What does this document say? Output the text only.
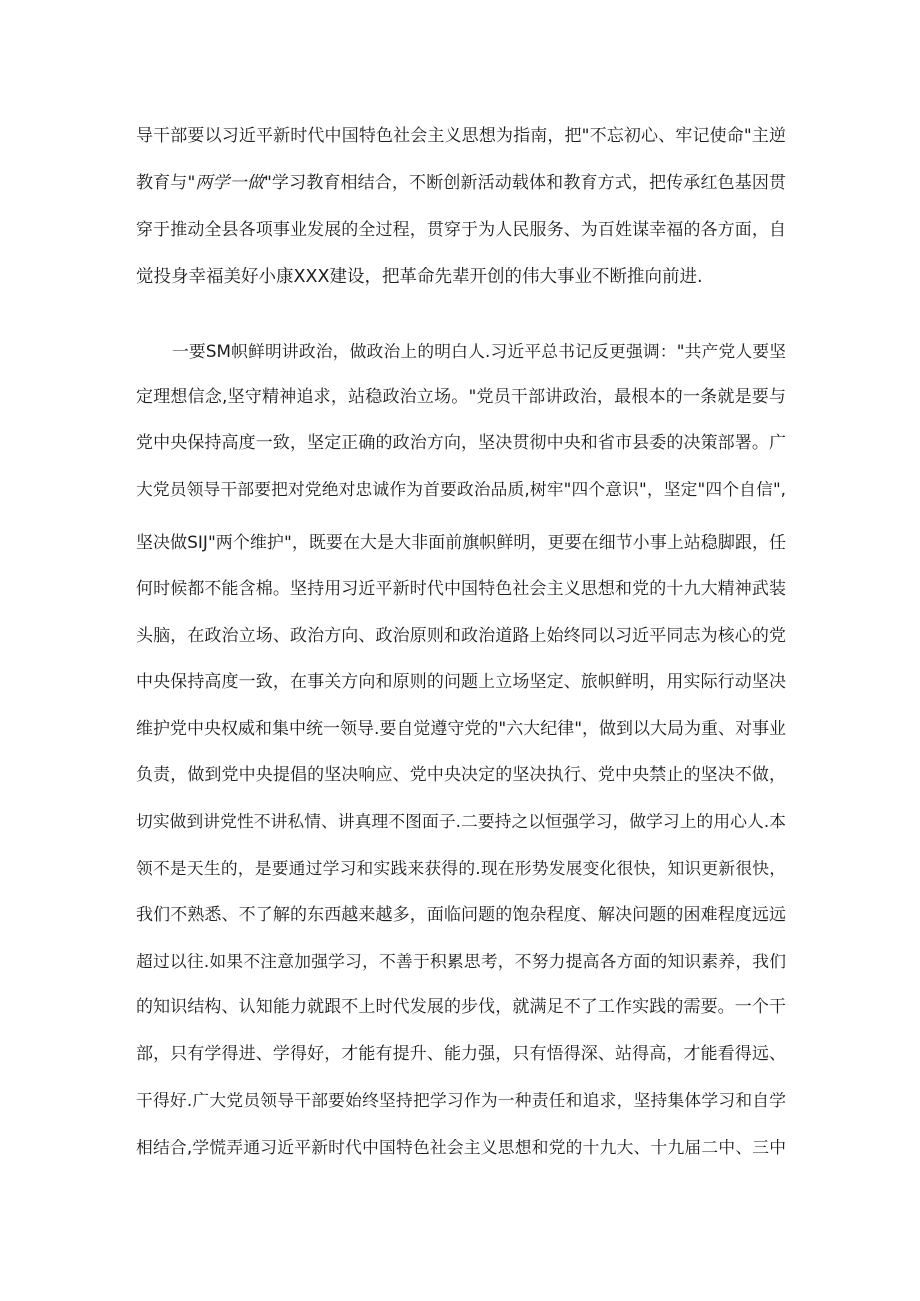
导干部要以习近平新时代中国特色社会主义思想为指南，把"不忘初心、牢记使命"主逆
教育与"两学一做"学习教育相结合，不断创新活动载体和教育方式，把传承红色基因贯
穿于推动全县各项事业发展的全过程，贯穿于为人民服务、为百姓谋幸福的各方面，自
觉投身幸福美好小康XXX建设，把革命先辈开创的伟大事业不断推向前进.
一要SM帜鲜明讲政治，做政治上的明白人.习近平总书记反更强调："共产党人要坚
定理想信念,坚守精神追求，站稳政治立场。"党员干部讲政治，最根本的一条就是要与
党中央保持高度一致，坚定正确的政治方向，坚决贯彻中央和省市县委的决策部署。广
大党员领导干部要把对党绝对忠诚作为首要政治品质,树牢"四个意识"，坚定"四个自信",
坚决做SIJ"两个维护"，既要在大是大非面前旗帜鲜明，更要在细节小事上站稳脚跟，任
何时候都不能含棉。坚持用习近平新时代中国特色社会主义思想和党的十九大精神武装
头脑，在政治立场、政治方向、政治原则和政治道路上始终同以习近平同志为核心的党
中央保持高度一致，在事关方向和原则的问题上立场坚定、旅帜鲜明，用实际行动坚决
维护党中央权威和集中统一领导.要自觉遵守党的"六大纪律"，做到以大局为重、对事业
负责，做到党中央提倡的坚决响应、党中央决定的坚决执行、党中央禁止的坚决不做，
切实做到讲党性不讲私情、讲真理不图面子.二要持之以恒强学习，做学习上的用心人.本
领不是天生的，是要通过学习和实践来获得的.现在形势发展变化很快，知识更新很快，
我们不熟悉、不了解的东西越来越多，面临问题的饱杂程度、解决问题的困难程度远远
超过以往.如果不注意加强学习，不善于积累思考，不努力提高各方面的知识素养，我们
的知识结构、认知能力就跟不上时代发展的步伐，就满足不了工作实践的需要。一个干
部，只有学得进、学得好，才能有提升、能力强，只有悟得深、站得高，才能看得远、
干得好.广大党员领导干部要始终坚持把学习作为一种责任和追求，坚持集体学习和自学
相结合,学慌弄通习近平新时代中国特色社会主义思想和党的十九大、十九届二中、三中
